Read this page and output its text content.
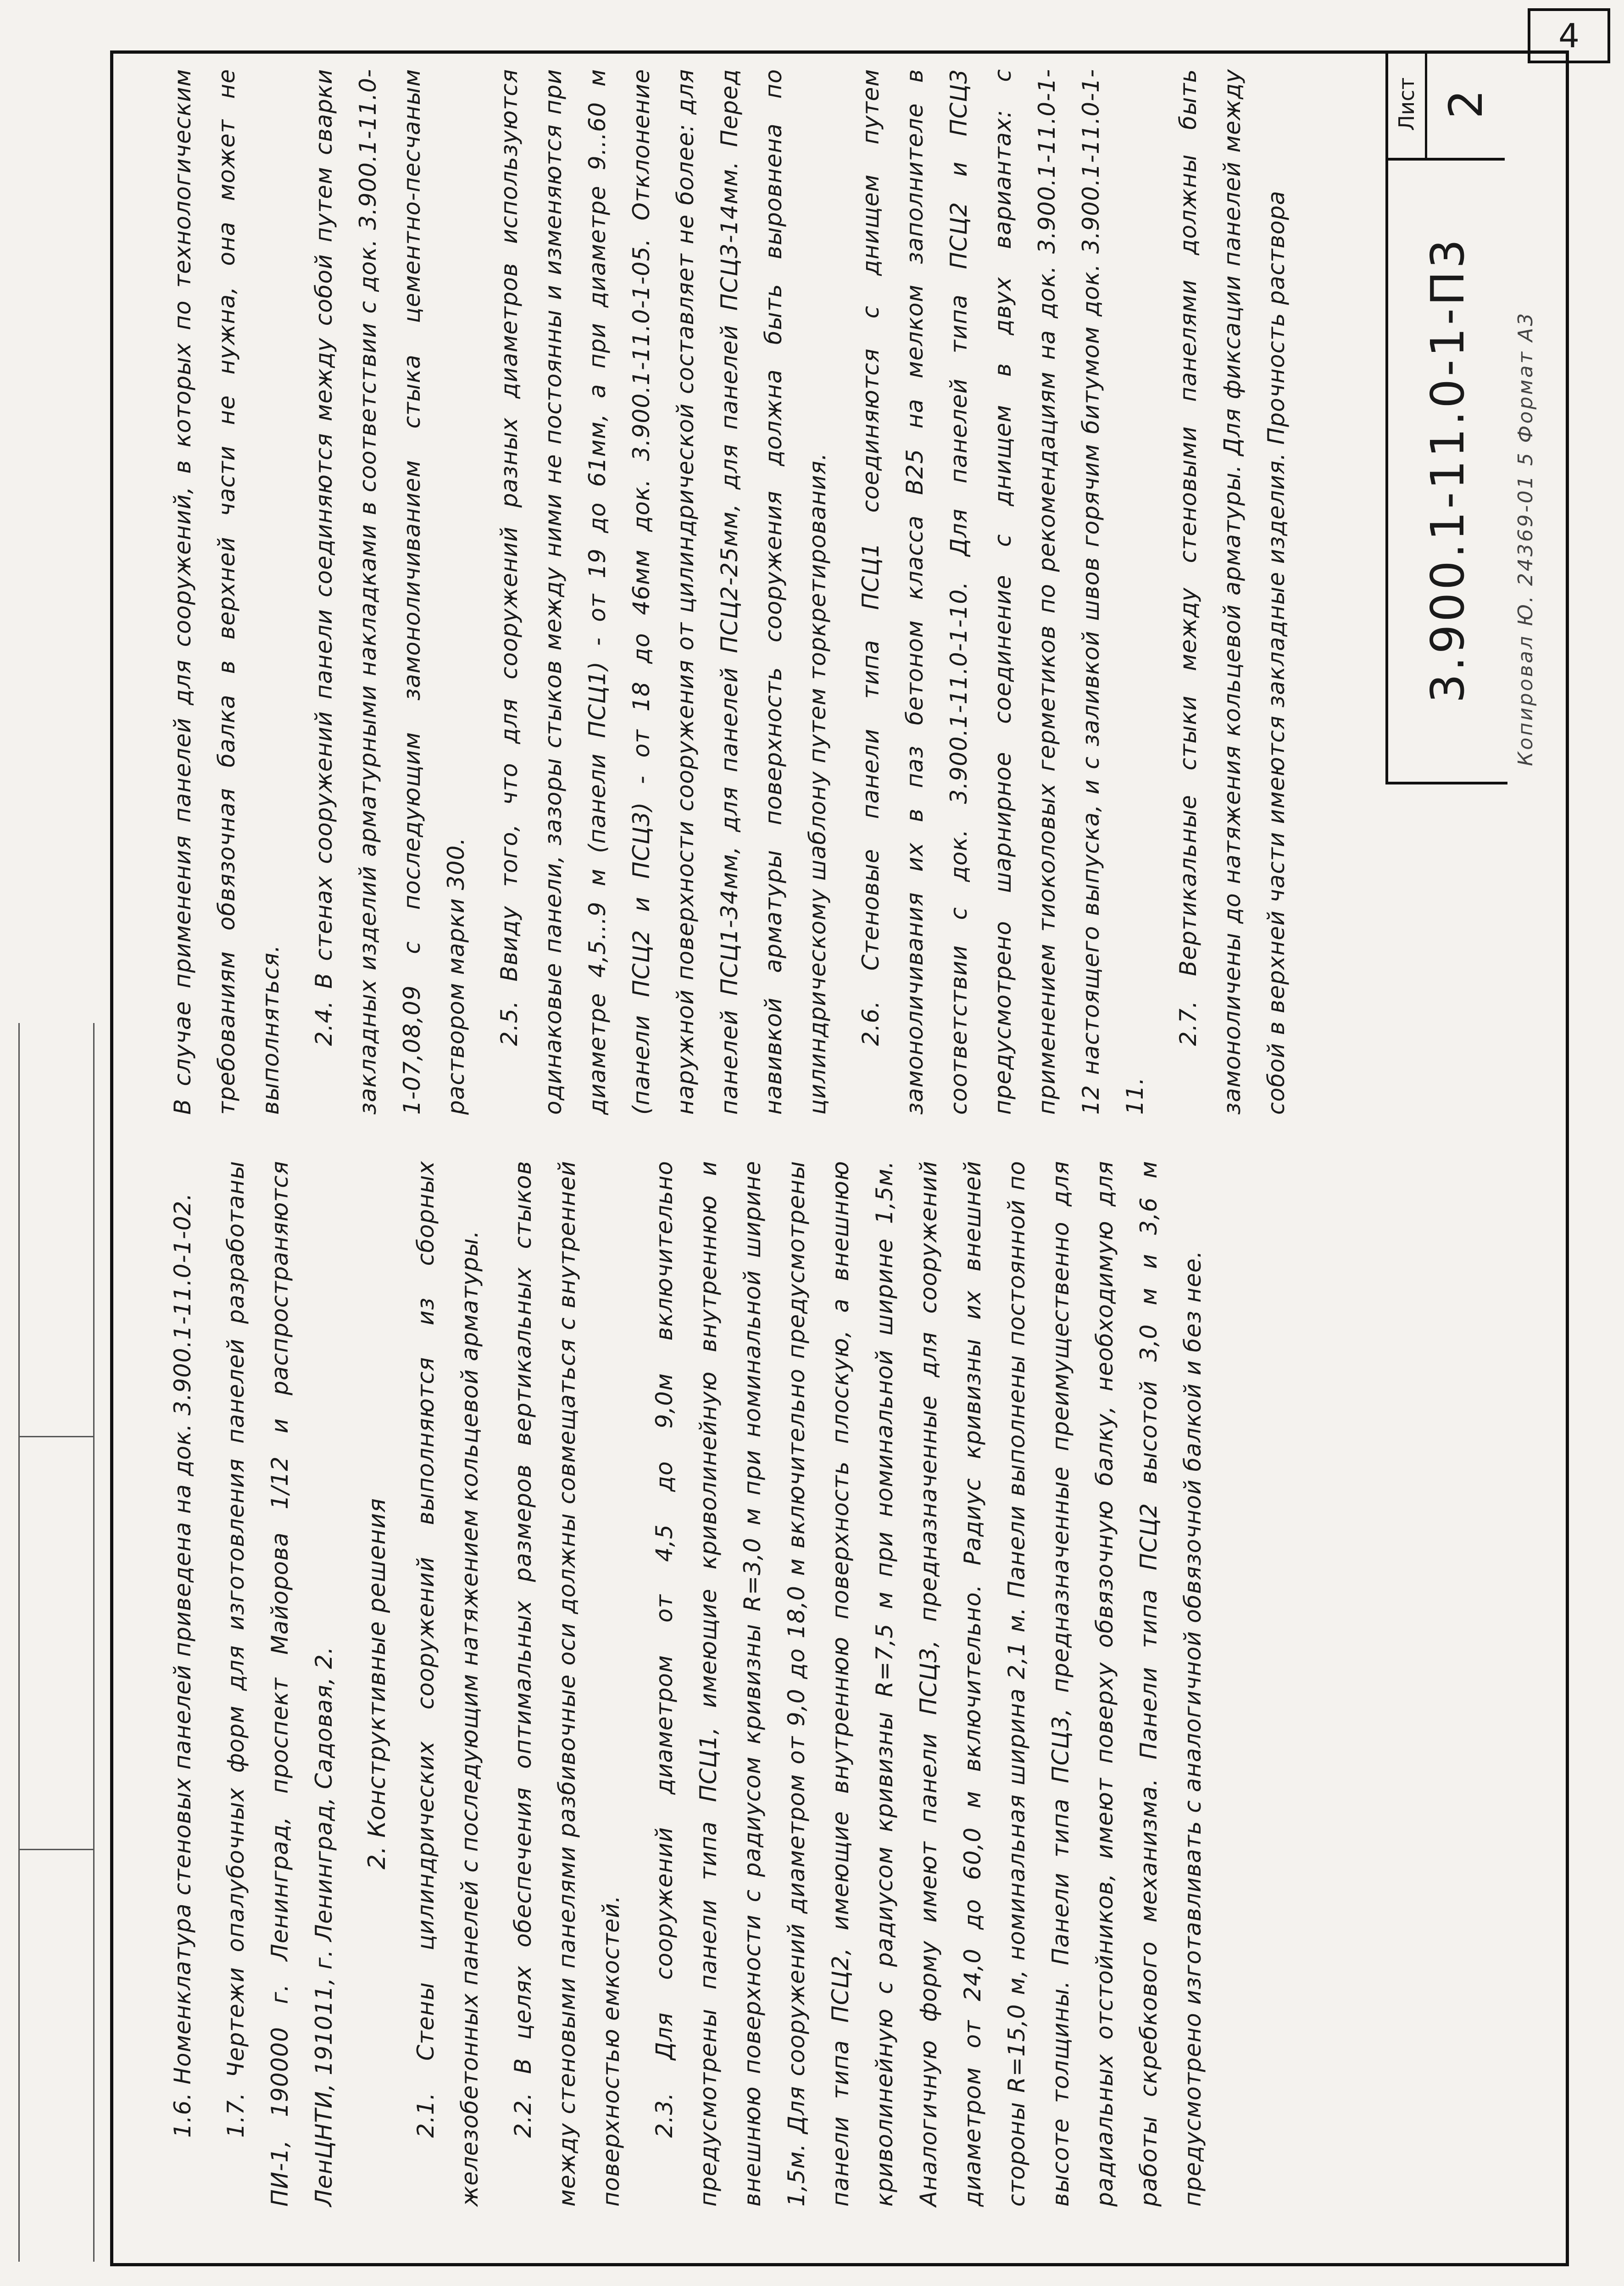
4

1.6. Номенклатура стеновых панелей приведена на док. 3.900.1-11.0-1-02.	1.7. Чертежи опалубочных форм для изготовления панелей разработаны ПИ-1, 190000 г. Ленинград, проспект Майорова 1/12 и распространяются ЛенЦНТИ, 191011, г. Ленинград, Садовая, 2.	2. Конструктивные решения 2.1. Стены цилиндрических сооружений выполняются из сборных железобетонных панелей с последующим натяжением кольцевой арматуры.	2.2. В целях обеспечения оптимальных размеров вертикальных стыков между стеновыми панелями разбивочные оси должны совмещаться с внутренней поверхностью емкостей.	2.3. Для сооружений диаметром от 4,5 до 9,0м включительно предусмотрены панели типа ПСЦ1, имеющие криволинейную внутреннюю и внешнюю поверхности с радиусом кривизны R=3,0 м при номинальной ширине 1,5м. Для сооружений диаметром от 9,0 до 18,0 м включительно предусмотрены панели типа ПСЦ2, имеющие внутреннюю поверхность плоскую, а внешнюю криволинейную с радиусом кривизны R=7,5 м при номинальной ширине 1,5м. Аналогичную форму имеют панели ПСЦ3, предназначенные для сооружений диаметром от 24,0 до 60,0 м включительно. Радиус кривизны их внешней стороны R=15,0 м, номинальная ширина 2,1 м. Панели выполнены постоянной по высоте толщины. Панели типа ПСЦ3, предназначенные преимущественно для радиальных отстойников, имеют поверху обвязочную балку, необходимую для работы скребкового механизма. Панели типа ПСЦ2 высотой 3,0 м и 3,6 м предусмотрено изготавливать с аналогичной обвязочной балкой и без нее.

В случае применения панелей для сооружений, в которых по технологическим требованиям обвязочная балка в верхней части не нужна, она может не выполняться.	2.4. В стенах сооружений панели соединяются между собой путем сварки закладных изделий арматурными накладками в соответствии с док. 3.900.1-11.0-1-07,08,09 с последующим замоноличиванием стыка цементно-песчаным раствором марки 300.	2.5. Ввиду того, что для сооружений разных диаметров используются одинаковые панели, зазоры стыков между ними не постоянны и изменяются при диаметре 4,5...9 м (панели ПСЦ1) - от 19 до 61мм, а при диаметре 9...60 м (панели ПСЦ2 и ПСЦ3) - от 18 до 46мм док. 3.900.1-11.0-1-05. Отклонение наружной поверхности сооружения от цилиндрической составляет не более: для панелей ПСЦ1-34мм, для панелей ПСЦ2-25мм, для панелей ПСЦ3-14мм. Перед навивкой арматуры поверхность сооружения должна быть выровнена по цилиндрическому шаблону путем торкретирования.	2.6. Стеновые панели типа ПСЦ1 соединяются с днищем путем замоноличивания их в паз бетоном класса В25 на мелком заполнителе в соответствии с док. 3.900.1-11.0-1-10. Для панелей типа ПСЦ2 и ПСЦ3 предусмотрено шарнирное соединение с днищем в двух вариантах: с применением тиоколовых герметиков по рекомендациям на док. 3.900.1-11.0-1-12 настоящего выпуска, и с заливкой швов горячим битумом док. 3.900.1-11.0-1-11.

2.7. Вертикальные стыки между стеновыми панелями должны быть замоноличены до натяжения кольцевой арматуры. Для фиксации панелей между собой в верхней части имеются закладные изделия. Прочность раствора	3.900.1-11.0-1-П3
Лист 2
Копировал Ю. 24369-01 5 Формат А3
